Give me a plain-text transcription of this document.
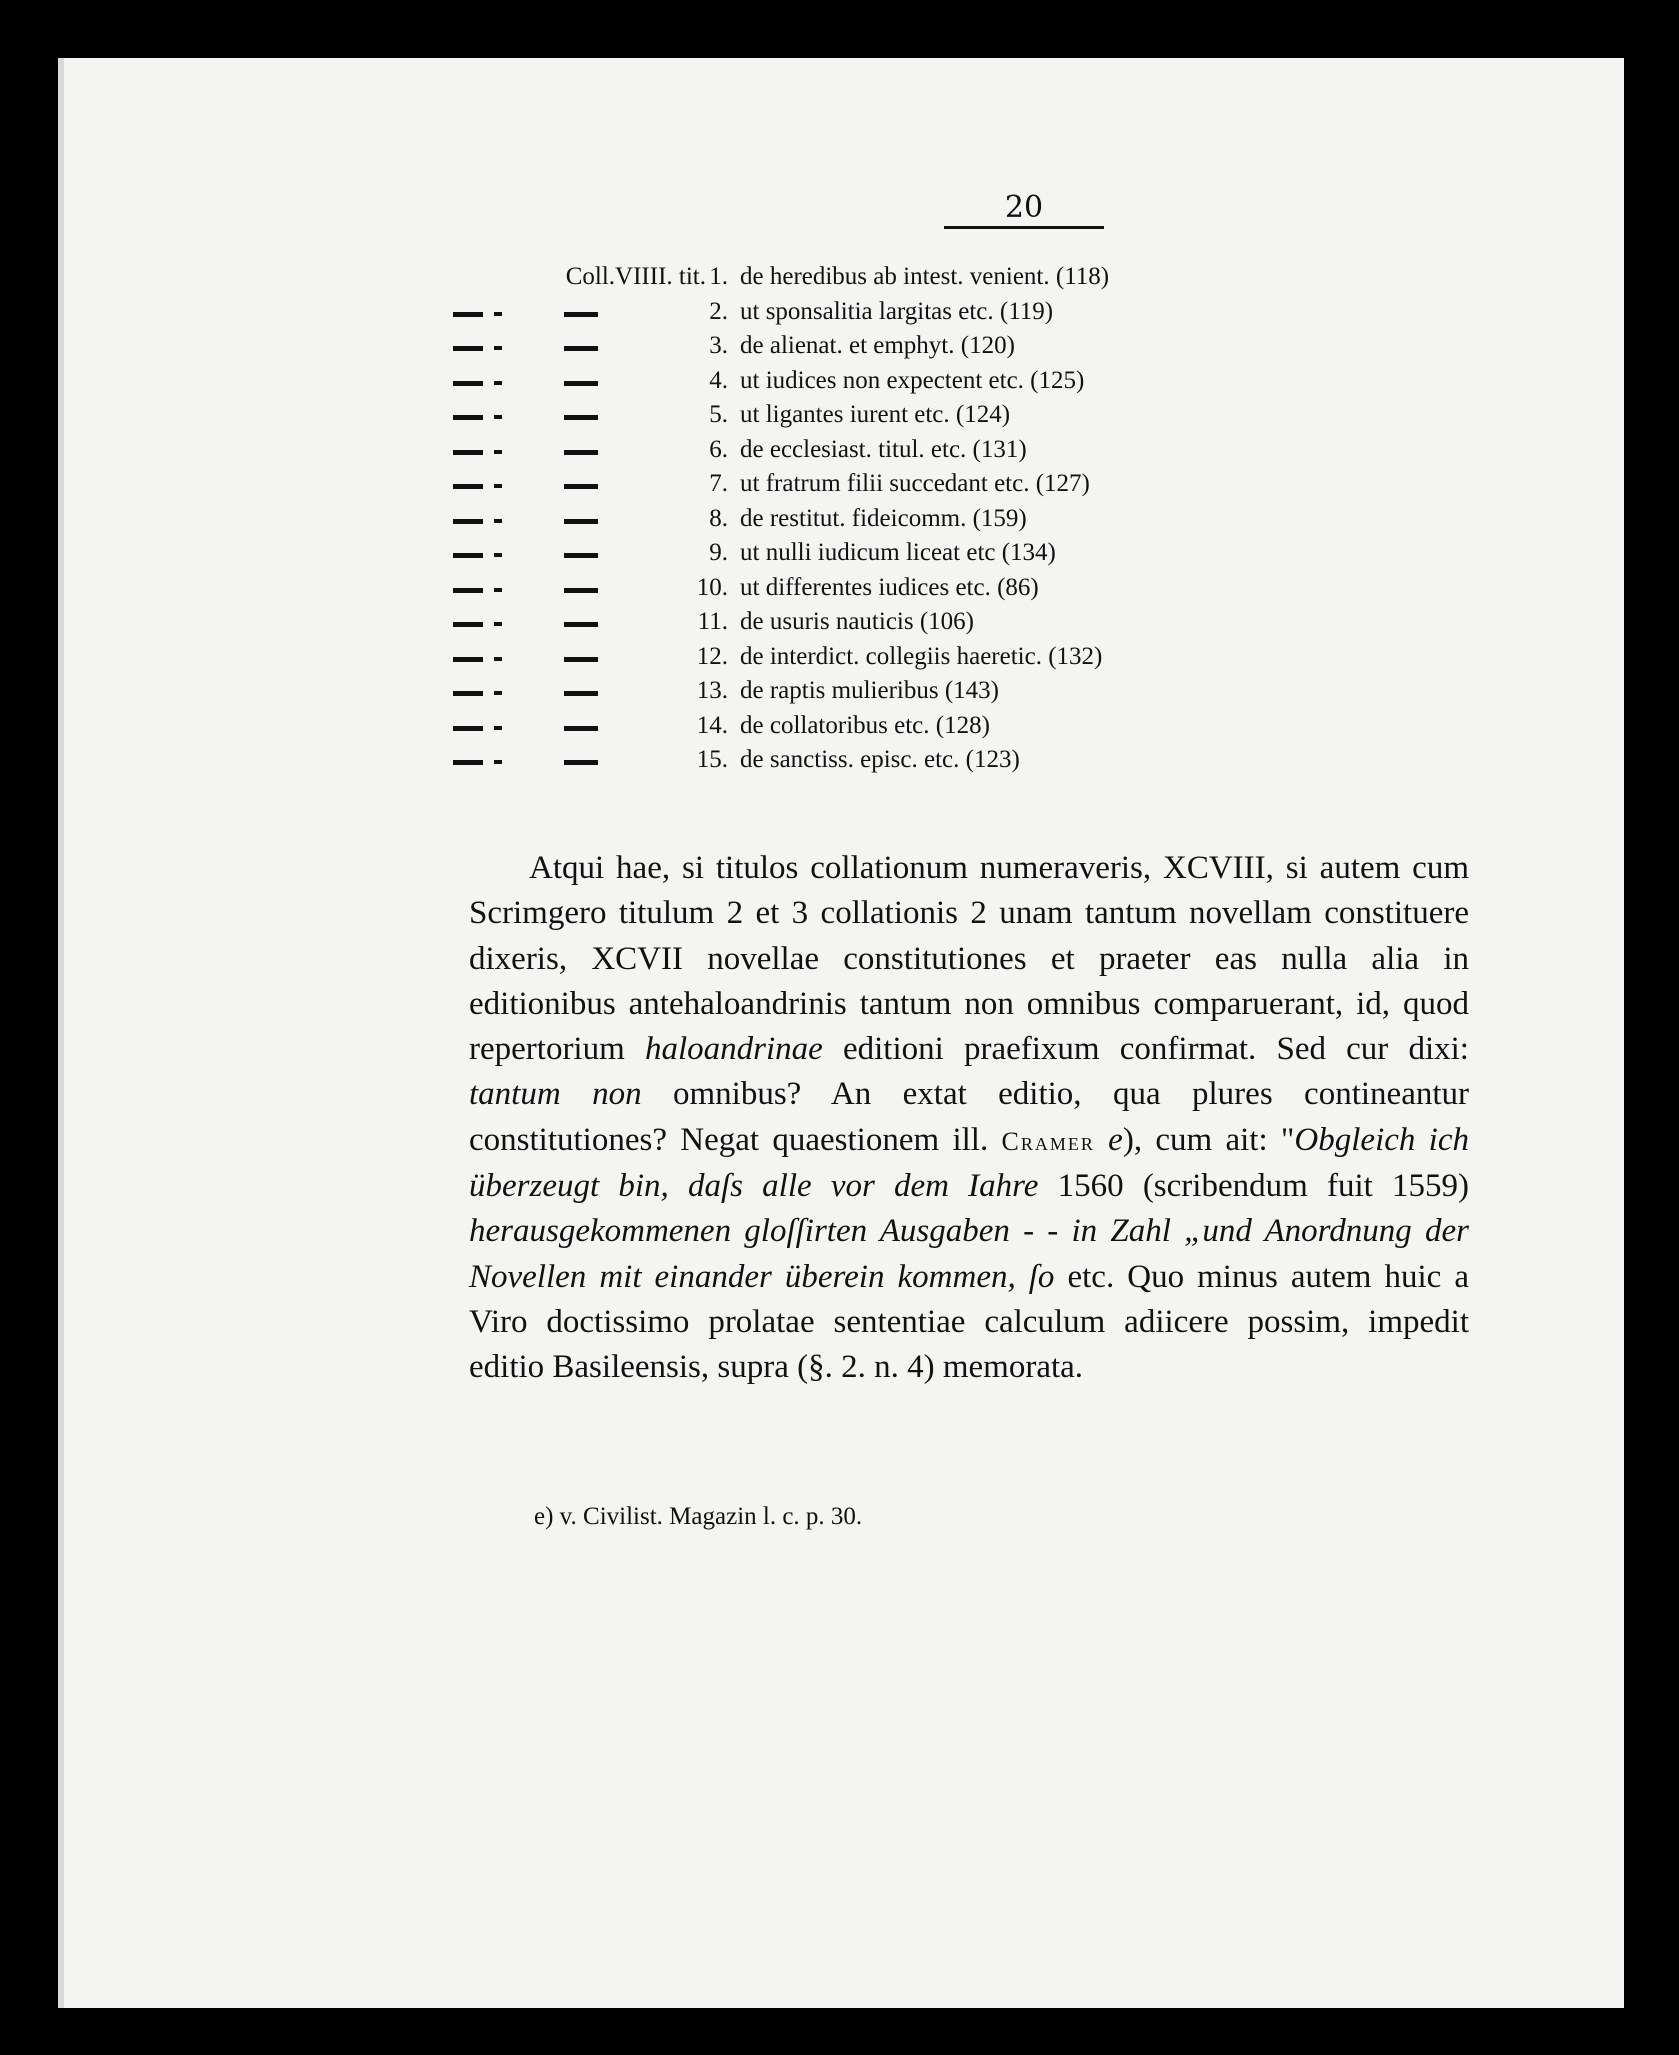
20
Coll.VIIII. tit. 1. de heredibus ab intest. venient. (118)
2. ut sponsalitia largitas etc. (119)
3. de alienat. et emphyt. (120)
4. ut iudices non expectent etc. (125)
5. ut ligantes iurent etc. (124)
6. de ecclesiast. titul. etc. (131)
7. ut fratrum filii succedant etc. (127)
8. de restitut. fideicomm. (159)
9. ut nulli iudicum liceat etc (134)
10. ut differentes iudices etc. (86)
11. de usuris nauticis (106)
12. de interdict. collegiis haeretic. (132)
13. de raptis mulieribus (143)
14. de collatoribus etc. (128)
15. de sanctiss. episc. etc. (123)

Atqui hae, si titulos collationum numeraveris, XCVIII, si autem cum Scrimgero titulum 2 et 3 collationis 2 unam tantum novellam constituere dixeris, XCVII novellae constitutiones et praeter eas nulla alia in editionibus antehaloandrinis tantum non omnibus comparuerant, id, quod repertorium haloandrinae editioni praefixum confirmat. Sed cur dixi: tantum non omnibus? An extat editio, qua plures contineantur constitutiones? Negat quaestionem ill. Cramer e), cum ait: "Obgleich ich überzeugt bin, daſs alle vor dem Iahre 1560 (scribendum fuit 1559) herausgekommenen gloſſirten Ausgaben - - in Zahl „und Anordnung der Novellen mit einander überein kommen, ſo etc. Quo minus autem huic a Viro doctissimo prolatae sententiae calculum adiicere possim, impedit editio Basileensis, supra (§. 2. n. 4) memorata.

e) v. Civilist. Magazin l. c. p. 30.
